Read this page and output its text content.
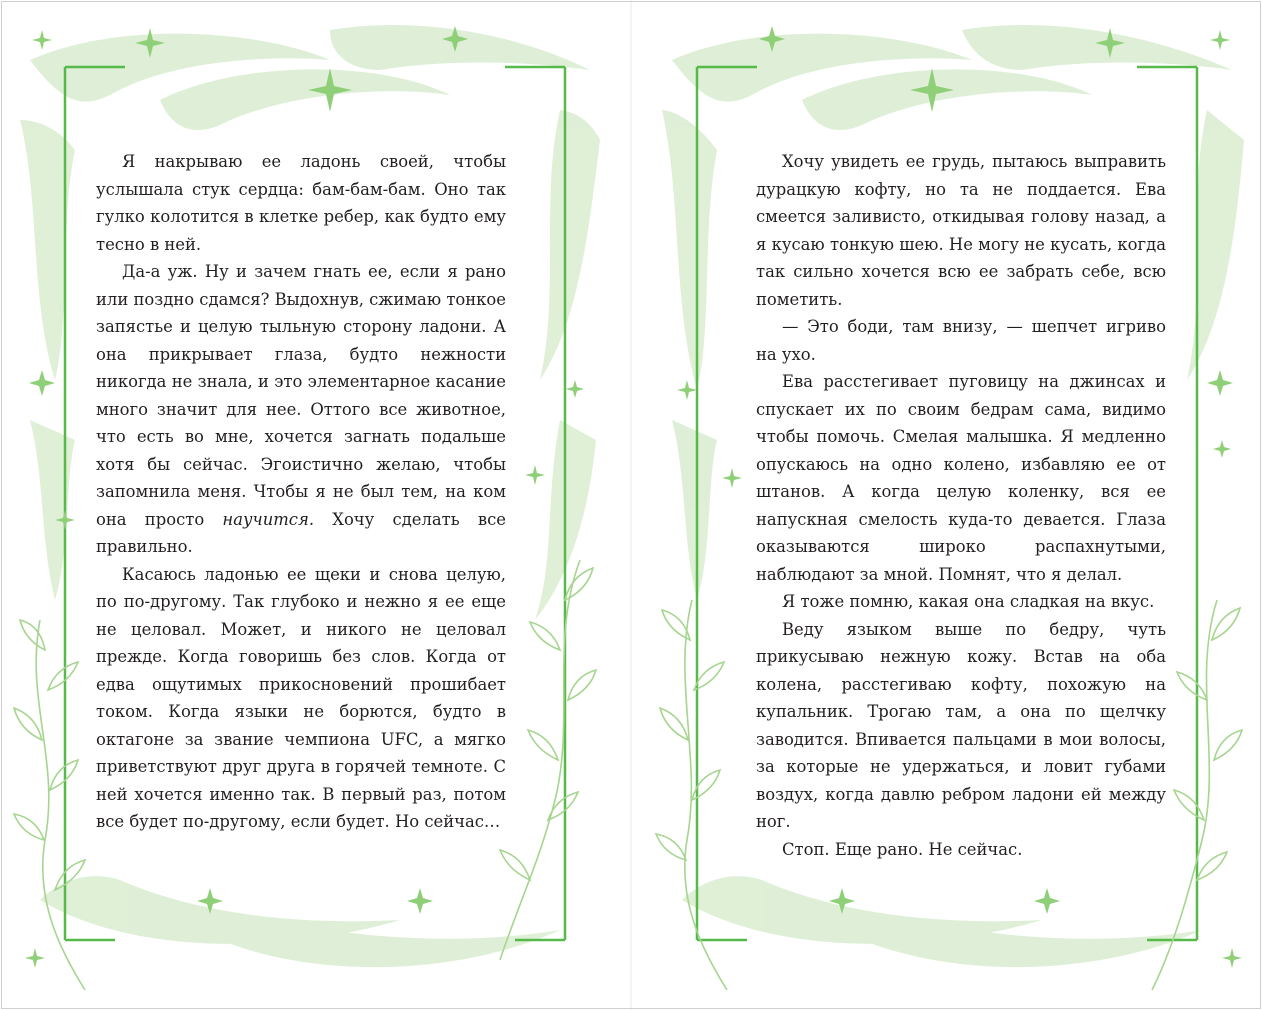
Я накрываю ее ладонь своей, чтобы услышала стук сердца: бам-бам-бам. Оно так гулко колотится в клетке ребер, как будто ему тесно в ней.

Да-а уж. Ну и зачем гнать ее, если я рано или поздно сдамся? Выдохнув, сжимаю тонкое запястье и целую тыльную сторону ладони. А она прикрывает глаза, будто нежности никогда не знала, и это элементарное касание много значит для нее. Оттого все животное, что есть во мне, хочется загнать подальше хотя бы сейчас. Эгоистично желаю, чтобы запомнила меня. Чтобы я не был тем, на ком она просто научится. Хочу сделать все правильно.

Касаюсь ладонью ее щеки и снова целую, по по-другому. Так глубоко и нежно я ее еще не целовал. Может, и никого не целовал прежде. Когда говоришь без слов. Когда от едва ощутимых прикосновений прошибает током. Когда языки не борются, будто в октагоне за звание чемпиона UFC, а мягко приветствуют друг друга в горячей темноте. С ней хочется именно так. В первый раз, потом все будет по-другому, если будет. Но сейчас…

Хочу увидеть ее грудь, пытаюсь выправить дурацкую кофту, но та не поддается. Ева смеется заливисто, откидывая голову назад, а я кусаю тонкую шею. Не могу не кусать, когда так сильно хочется всю ее забрать себе, всю пометить.

— Это боди, там внизу, — шепчет игриво на ухо.

Ева расстегивает пуговицу на джинсах и спускает их по своим бедрам сама, видимо чтобы помочь. Смелая малышка. Я медленно опускаюсь на одно колено, избавляю ее от штанов. А когда целую коленку, вся ее напускная смелость куда-то девается. Глаза оказываются широко распахнутыми, наблюдают за мной. Помнят, что я делал.

Я тоже помню, какая она сладкая на вкус.

Веду языком выше по бедру, чуть прикусываю нежную кожу. Встав на оба колена, расстегиваю кофту, похожую на купальник. Трогаю там, а она по щелчку заводится. Впивается пальцами в мои волосы, за которые не удержаться, и ловит губами воздух, когда давлю ребром ладони ей между ног.

Стоп. Еще рано. Не сейчас.
